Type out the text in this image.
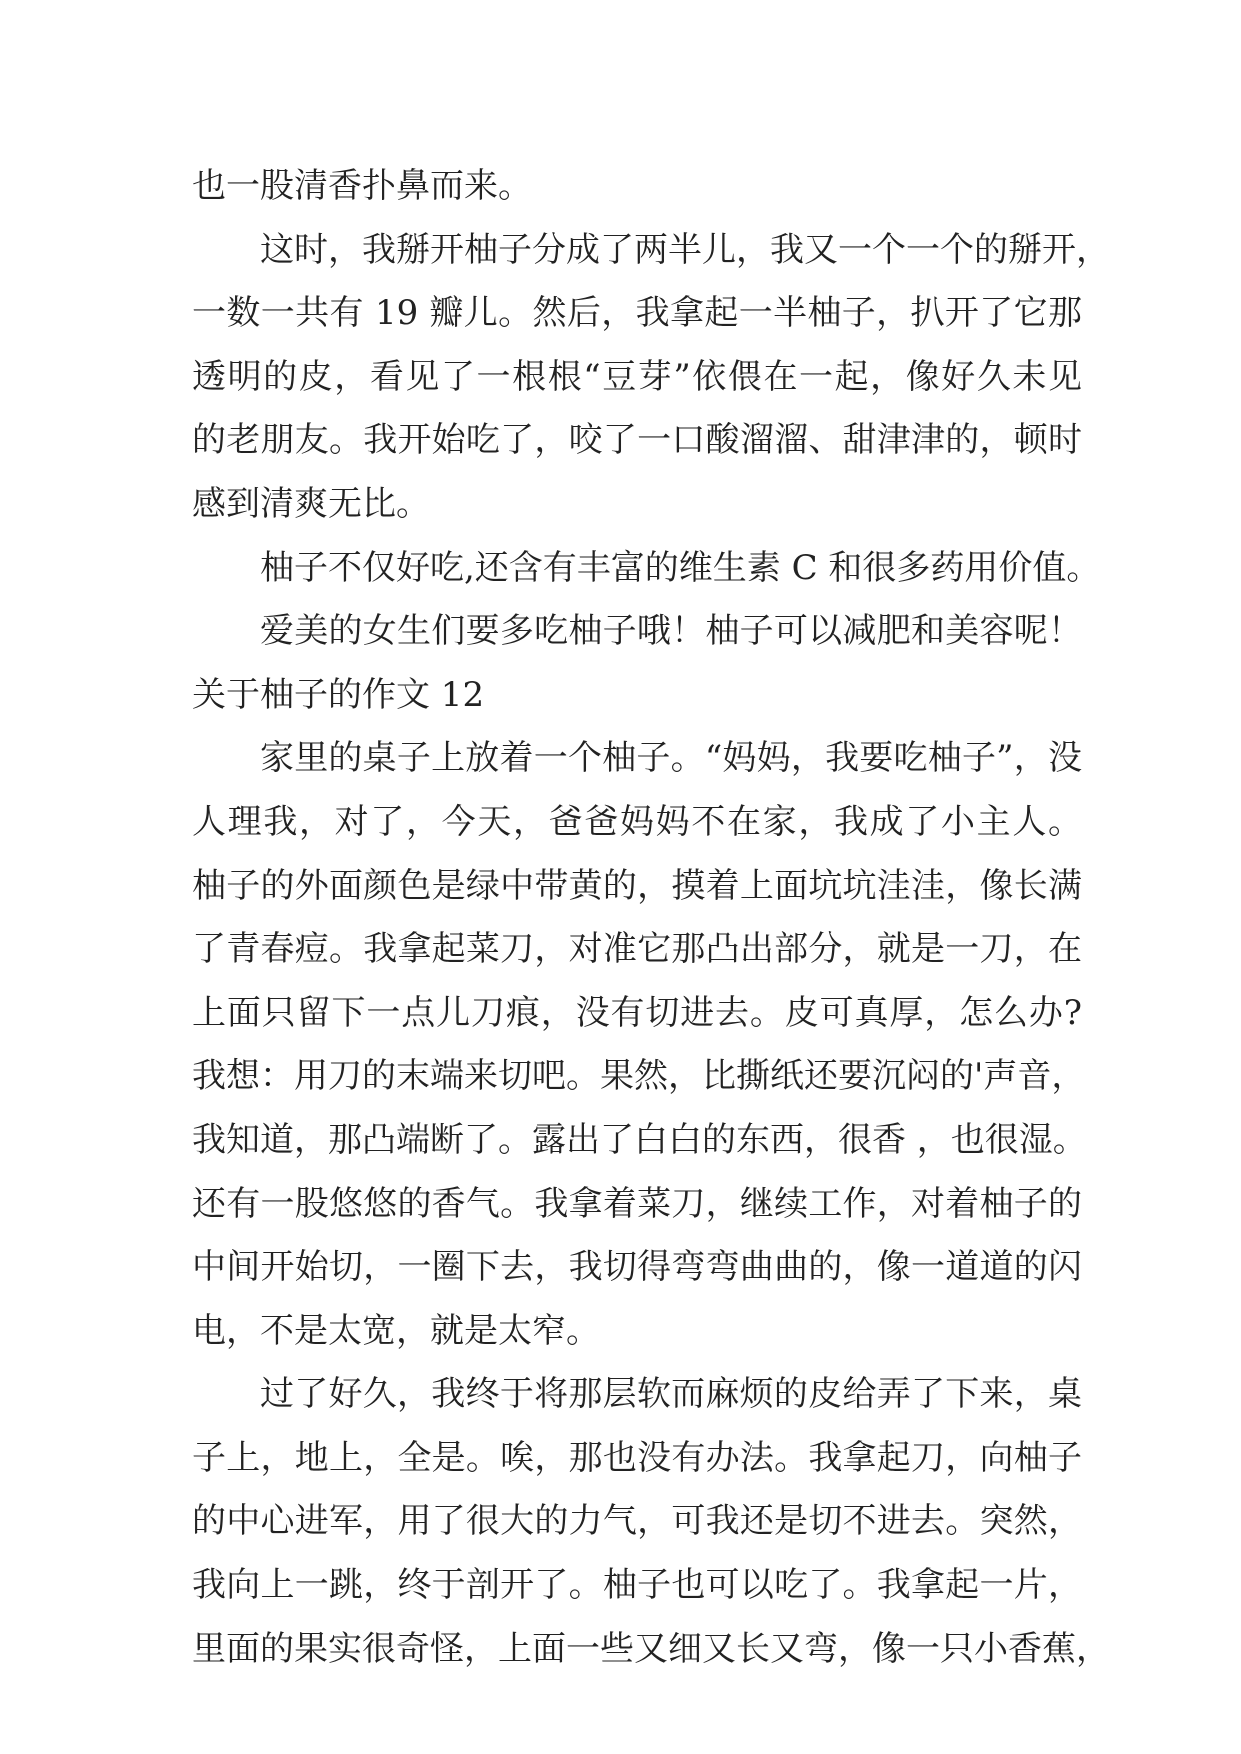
也一股清香扑鼻而来。
这时，我掰开柚子分成了两半儿，我又一个一个的掰开，
一数一共有 19 瓣儿。然后，我拿起一半柚子，扒开了它那
透明的皮，看见了一根根“豆芽”依偎在一起，像好久未见
的老朋友。我开始吃了，咬了一口酸溜溜、甜津津的，顿时
感到清爽无比。
柚子不仅好吃,还含有丰富的维生素 C 和很多药用价值。
爱美的女生们要多吃柚子哦！柚子可以减肥和美容呢！
关于柚子的作文 12
家里的桌子上放着一个柚子。“妈妈，我要吃柚子”，没
人理我，对了，今天，爸爸妈妈不在家，我成了小主人。
柚子的外面颜色是绿中带黄的，摸着上面坑坑洼洼，像长满
了青春痘。我拿起菜刀，对准它那凸出部分，就是一刀，在
上面只留下一点儿刀痕，没有切进去。皮可真厚，怎么办?
我想：用刀的末端来切吧。果然，比撕纸还要沉闷的'声音，
我知道，那凸端断了。露出了白白的东西，很香 ，也很湿。
还有一股悠悠的香气。我拿着菜刀，继续工作，对着柚子的
中间开始切，一圈下去，我切得弯弯曲曲的，像一道道的闪
电，不是太宽，就是太窄。
过了好久，我终于将那层软而麻烦的皮给弄了下来，桌
子上，地上，全是。唉，那也没有办法。我拿起刀，向柚子
的中心进军，用了很大的力气，可我还是切不进去。突然，
我向上一跳，终于剖开了。柚子也可以吃了。我拿起一片，
里面的果实很奇怪，上面一些又细又长又弯，像一只小香蕉，
